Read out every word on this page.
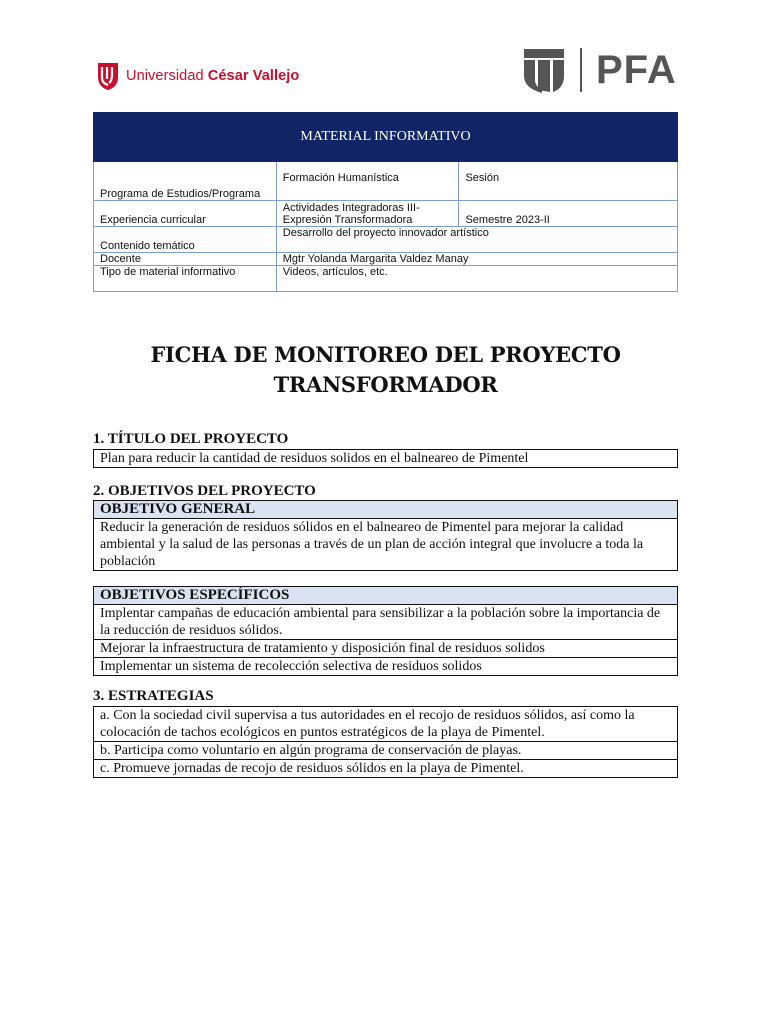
Universidad César Vallejo	PFA
MATERIAL INFORMATIVO		
Programa de Estudios/Programa	Formación Humanística	Sesión
Experiencia curricular	Actividades Integradoras III- Expresión Transformadora	Semestre 2023-II
Contenido temático	Desarrollo del proyecto innovador artístico	
Docente	Mgtr Yolanda Margarita Valdez Manay	
Tipo de material informativo	Videos, artículos, etc.	
FICHA DE MONITOREO DEL PROYECTO
TRANSFORMADOR
1. TÍTULO DEL PROYECTO
Plan para reducir la cantidad de residuos solidos en el balneareo de Pimentel
2. OBJETIVOS DEL PROYECTO
OBJETIVO GENERAL
Reducir la generación de residuos sólidos en el balneareo de Pimentel para mejorar la calidad ambiental y la salud de las personas a través de un plan de acción integral que involucre a toda la población
OBJETIVOS ESPECÍFICOS
Implentar campañas de educación ambiental para sensibilizar a la población sobre la importancia de la reducción de residuos sólidos.
Mejorar la infraestructura de tratamiento y disposición final de residuos solidos
Implementar un sistema de recolección selectiva de residuos solidos
3. ESTRATEGIAS
a. Con la sociedad civil supervisa a tus autoridades en el recojo de residuos sólidos, así como la colocación de tachos ecológicos en puntos estratégicos de la playa de Pimentel.
b. Participa como voluntario en algún programa de conservación de playas.
c. Promueve jornadas de recojo de residuos sólidos en la playa de Pimentel.
